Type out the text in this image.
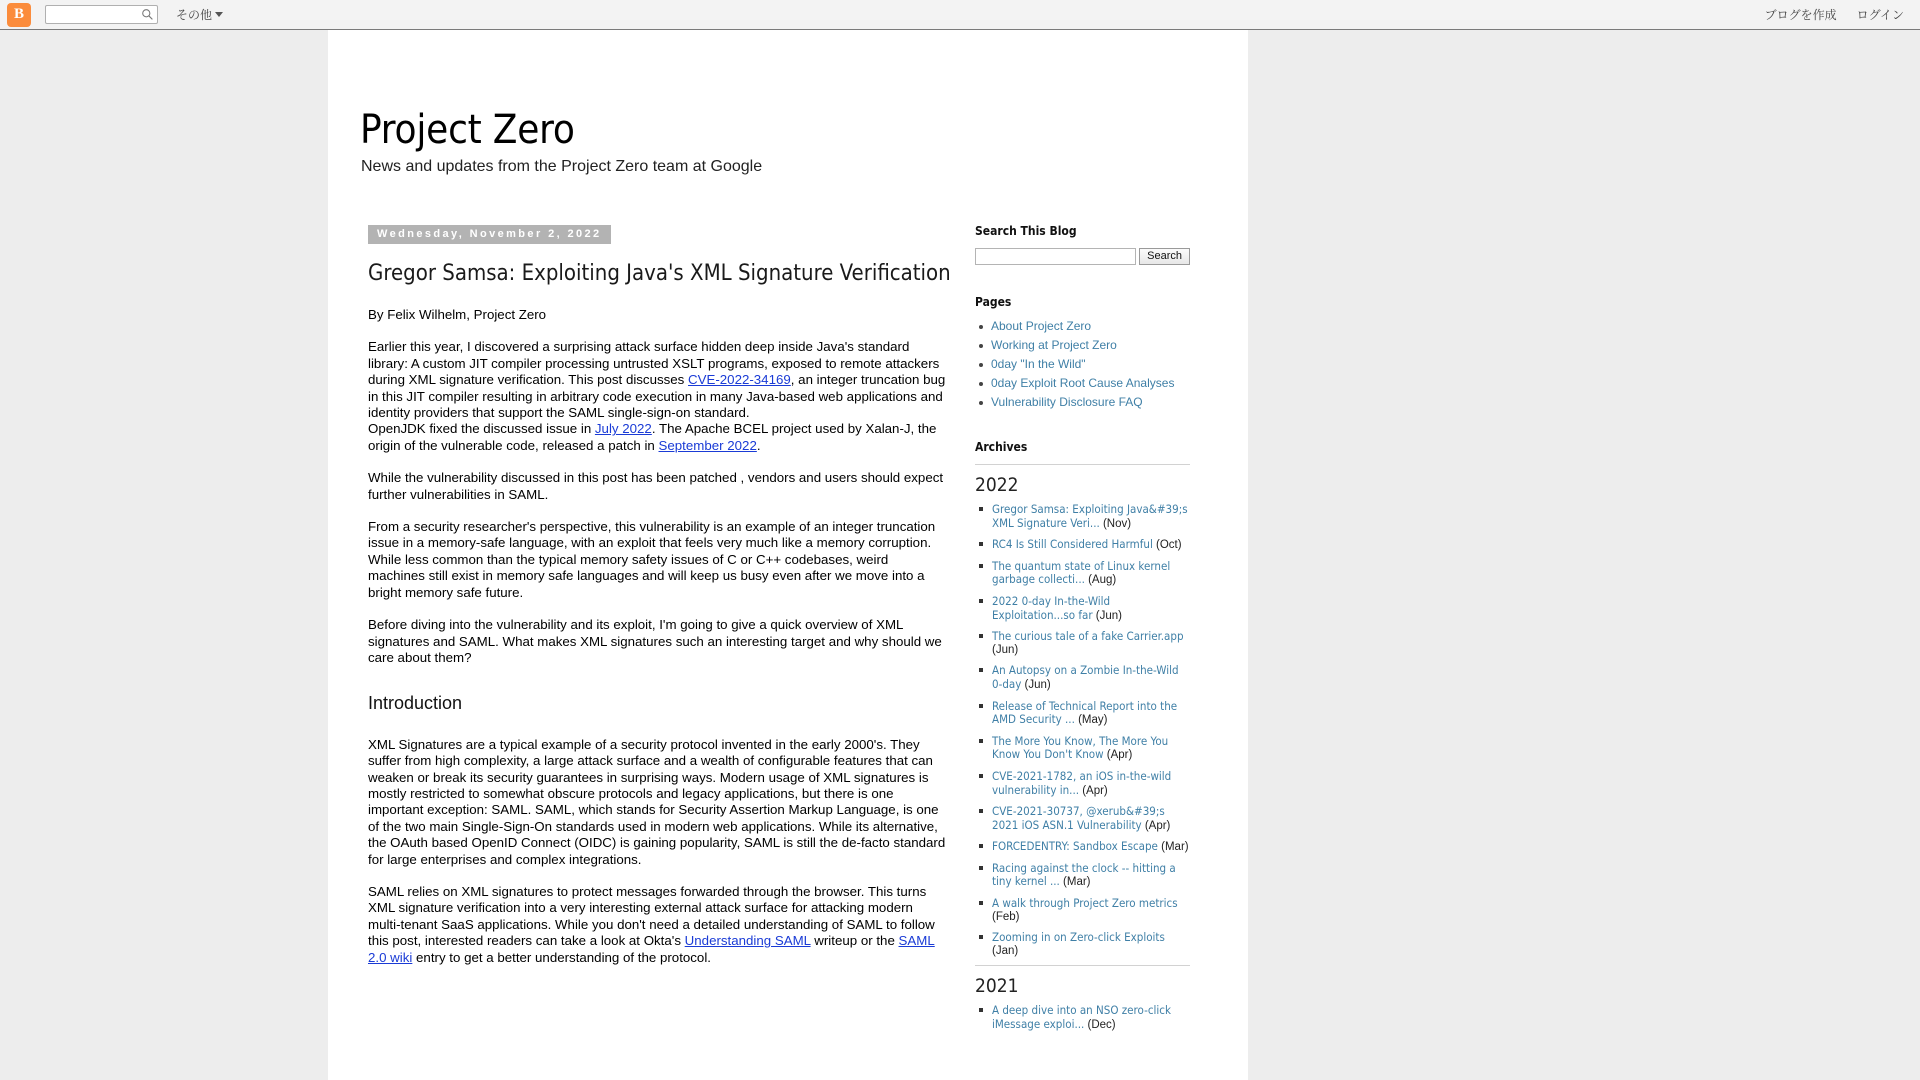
B	その他	ブログを作成 ログイン
Project Zero
News and updates from the Project Zero team at Google
Wednesday, November 2, 2022
Gregor Samsa: Exploiting Java's XML Signature Verification

By Felix Wilhelm, Project Zero

Earlier this year, I discovered a surprising attack surface hidden deep inside Java's standard library: A custom JIT compiler processing untrusted XSLT programs, exposed to remote attackers during XML signature verification. This post discusses CVE-2022-34169, an integer truncation bug in this JIT compiler resulting in arbitrary code execution in many Java-based web applications and identity providers that support the SAML single-sign-on standard.

OpenJDK fixed the discussed issue in July 2022. The Apache BCEL project used by Xalan-J, the origin of the vulnerable code, released a patch in September 2022.

While the vulnerability discussed in this post has been patched , vendors and users should expect further vulnerabilities in SAML.

From a security researcher's perspective, this vulnerability is an example of an integer truncation issue in a memory-safe language, with an exploit that feels very much like a memory corruption. While less common than the typical memory safety issues of C or C++ codebases, weird machines still exist in memory safe languages and will keep us busy even after we move into a bright memory safe future.

Before diving into the vulnerability and its exploit, I'm going to give a quick overview of XML signatures and SAML. What makes XML signatures such an interesting target and why should we care about them?

Introduction

XML Signatures are a typical example of a security protocol invented in the early 2000's. They suffer from high complexity, a large attack surface and a wealth of configurable features that can weaken or break its security guarantees in surprising ways. Modern usage of XML signatures is mostly restricted to somewhat obscure protocols and legacy applications, but there is one important exception: SAML. SAML, which stands for Security Assertion Markup Language, is one of the two main Single-Sign-On standards used in modern web applications. While its alternative, the OAuth based OpenID Connect (OIDC) is gaining popularity, SAML is still the de-facto standard for large enterprises and complex integrations.

SAML relies on XML signatures to protect messages forwarded through the browser. This turns XML signature verification into a very interesting external attack surface for attacking modern multi-tenant SaaS applications. While you don't need a detailed understanding of SAML to follow this post, interested readers can take a look at Okta's Understanding SAML writeup or the SAML 2.0 wiki entry to get a better understanding of the protocol.

Search This Blog
Search
Pages
About Project Zero
Working at Project Zero
0day "In the Wild"
0day Exploit Root Cause Analyses
Vulnerability Disclosure FAQ
Archives
2022
Gregor Samsa: Exploiting Java&#39;s XML Signature Veri... (Nov)
RC4 Is Still Considered Harmful (Oct)
The quantum state of Linux kernel garbage collecti... (Aug)
2022 0-day In-the-Wild Exploitation...so far (Jun)
The curious tale of a fake Carrier.app (Jun)
An Autopsy on a Zombie In-the-Wild 0-day (Jun)
Release of Technical Report into the AMD Security ... (May)
The More You Know, The More You Know You Don't Know (Apr)
CVE-2021-1782, an iOS in-the-wild vulnerability in... (Apr)
CVE-2021-30737, @xerub&#39;s 2021 iOS ASN.1 Vulnerability (Apr)
FORCEDENTRY: Sandbox Escape (Mar)
Racing against the clock -- hitting a tiny kernel ... (Mar)
A walk through Project Zero metrics (Feb)
Zooming in on Zero-click Exploits (Jan)
2021
A deep dive into an NSO zero-click iMessage exploi... (Dec)
